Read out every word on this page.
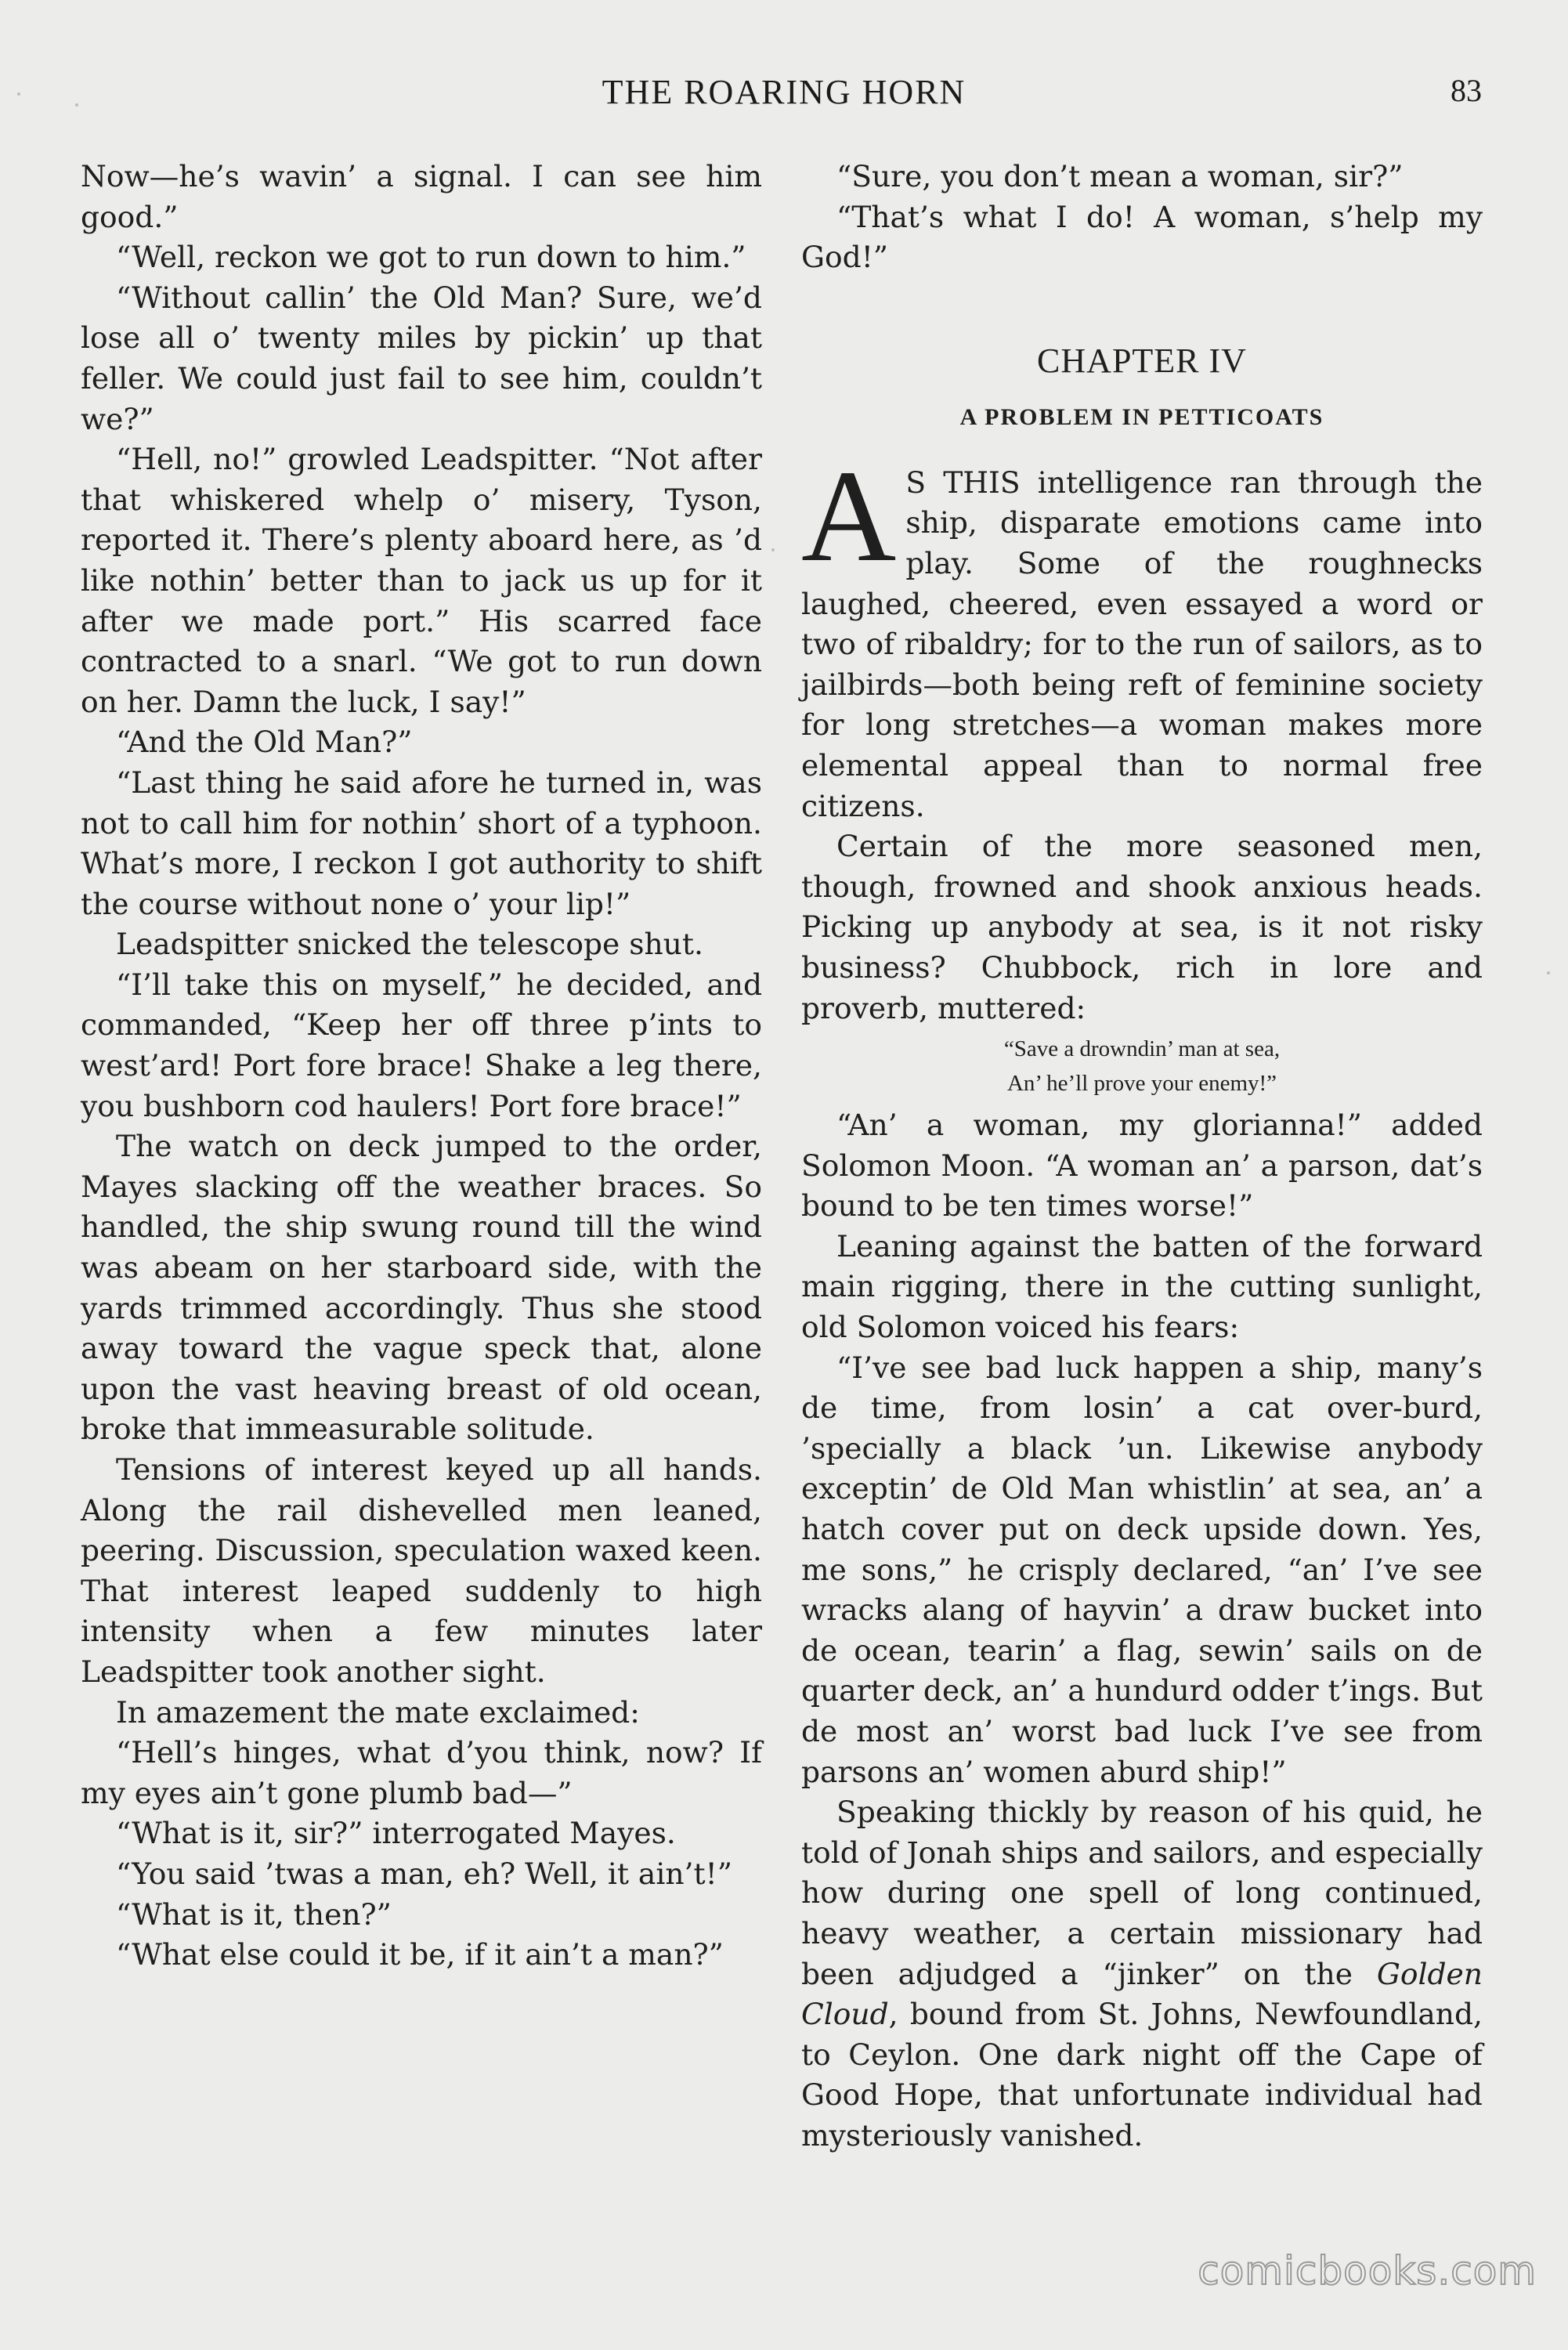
THE ROARING HORN	83

Now—he’s wavin’ a signal. I can see him good.”

“Well, reckon we got to run down to him.”

“Without callin’ the Old Man? Sure, we’d lose all o’ twenty miles by pickin’ up that feller. We could just fail to see him, couldn’t we?”

“Hell, no!” growled Leadspitter. “Not after that whiskered whelp o’ misery, Tyson, reported it. There’s plenty aboard here, as ’d like nothin’ better than to jack us up for it after we made port.” His scarred face contracted to a snarl. “We got to run down on her. Damn the luck, I say!”

“And the Old Man?”

“Last thing he said afore he turned in, was not to call him for nothin’ short of a typhoon. What’s more, I reckon I got authority to shift the course without none o’ your lip!”

Leadspitter snicked the telescope shut.

“I’ll take this on myself,” he decided, and commanded, “Keep her off three p’ints to west’ard! Port fore brace! Shake a leg there, you bushborn cod haulers! Port fore brace!”

The watch on deck jumped to the order, Mayes slacking off the weather braces. So handled, the ship swung round till the wind was abeam on her starboard side, with the yards trimmed accordingly. Thus she stood away toward the vague speck that, alone upon the vast heaving breast of old ocean, broke that immeasurable solitude.

Tensions of interest keyed up all hands. Along the rail dishevelled men leaned, peering. Discussion, speculation waxed keen. That interest leaped suddenly to high intensity when a few minutes later Leadspitter took another sight.

In amazement the mate exclaimed:

“Hell’s hinges, what d’you think, now? If my eyes ain’t gone plumb bad—”

“What is it, sir?” interrogated Mayes.

“You said ’twas a man, eh? Well, it ain’t!”

“What is it, then?”

“What else could it be, if it ain’t a man?”

“Sure, you don’t mean a woman, sir?”

“That’s what I do! A woman, s’help my God!”

CHAPTER IV
A PROBLEM IN PETTICOATS

A S THIS intelligence ran through the ship, disparate emotions came into play. Some of the roughnecks laughed, cheered, even essayed a word or two of ribaldry; for to the run of sailors, as to jailbirds—both being reft of feminine society for long stretches—a woman makes more elemental appeal than to normal free citizens.

Certain of the more seasoned men, though, frowned and shook anxious heads. Picking up anybody at sea, is it not risky business? Chubbock, rich in lore and proverb, muttered:

“Save a drowndin’ man at sea,
An’ he’ll prove your enemy!”

“An’ a woman, my glorianna!” added Solomon Moon. “A woman an’ a parson, dat’s bound to be ten times worse!”

Leaning against the batten of the forward main rigging, there in the cutting sunlight, old Solomon voiced his fears:

“I’ve see bad luck happen a ship, many’s de time, from losin’ a cat over-burd, ’specially a black ’un. Likewise anybody exceptin’ de Old Man whistlin’ at sea, an’ a hatch cover put on deck upside down. Yes, me sons,” he crisply declared, “an’ I’ve see wracks alang of hayvin’ a draw bucket into de ocean, tearin’ a flag, sewin’ sails on de quarter deck, an’ a hundurd odder t’ings. But de most an’ worst bad luck I’ve see from parsons an’ women aburd ship!”

Speaking thickly by reason of his quid, he told of Jonah ships and sailors, and especially how during one spell of long continued, heavy weather, a certain missionary had been adjudged a “jinker” on the Golden Cloud, bound from St. Johns, Newfoundland, to Ceylon. One dark night off the Cape of Good Hope, that unfortunate individual had mysteriously vanished.

comicbooks.com
